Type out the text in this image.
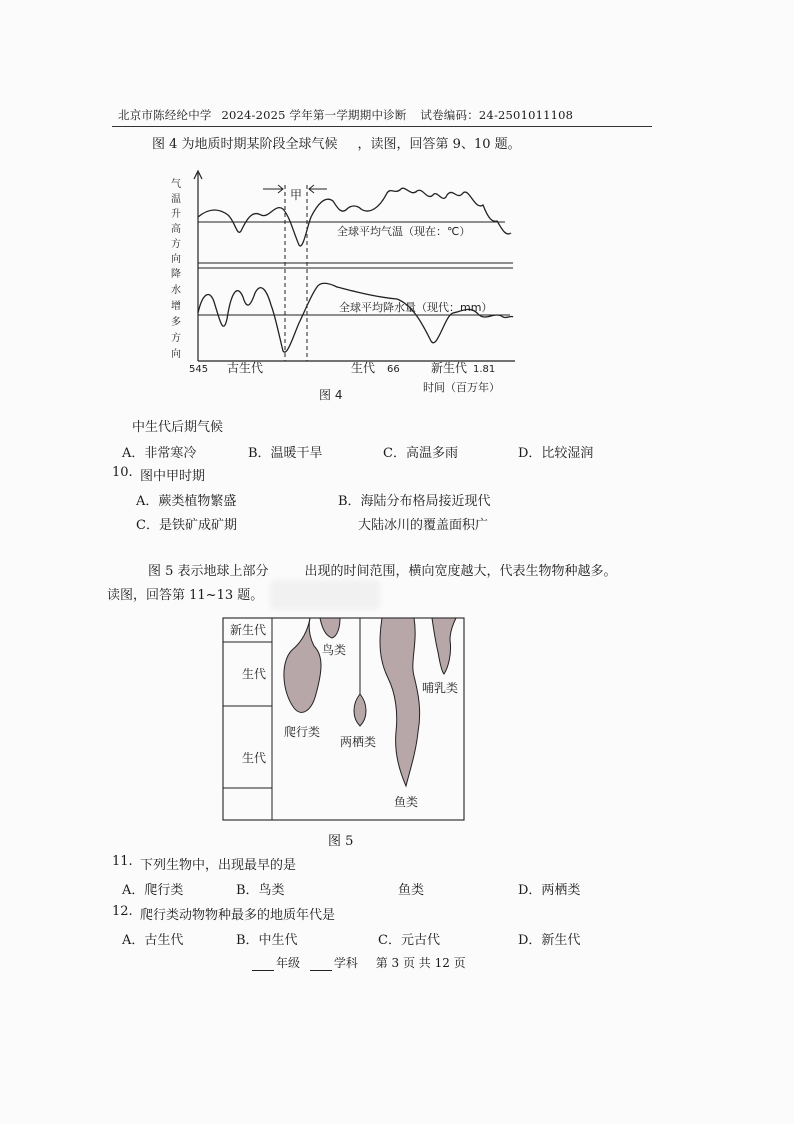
北京市陈经纶中学 2024-2025 学年第一学期期中诊断 试卷编码：24-2501011108
图 4 为地质时期某阶段全球气候 ，读图，回答第 9、10 题。
气
温
升
高
方
向
降
水
增
多
方
向
甲
全球平均气温（现在：℃）
全球平均降水量（现代：mm）
545	66	1.81
古生代	生代	新生代
时间（百万年）
图 4
中生代后期气候
A．非常寒冷	B．温暖干旱	C．高温多雨	D．比较湿润
10. 图中甲时期
A．蕨类植物繁盛	B．海陆分布格局接近现代
C．是铁矿成矿期	大陆冰川的覆盖面积广
图 5 表示地球上部分	出现的时间范围，横向宽度越大，代表生物物种越多。
读图，回答第 11~13 题。
新生代
生代
生代
鸟类
爬行类
两栖类
哺乳类
鱼类
图 5
11. 下列生物中，出现最早的是
A．爬行类	B．鸟类	鱼类	D．两栖类
12. 爬行类动物物种最多的地质年代是
A．古生代	B．中生代	C．元古代	D．新生代
年级	学科 第 3 页 共 12 页
